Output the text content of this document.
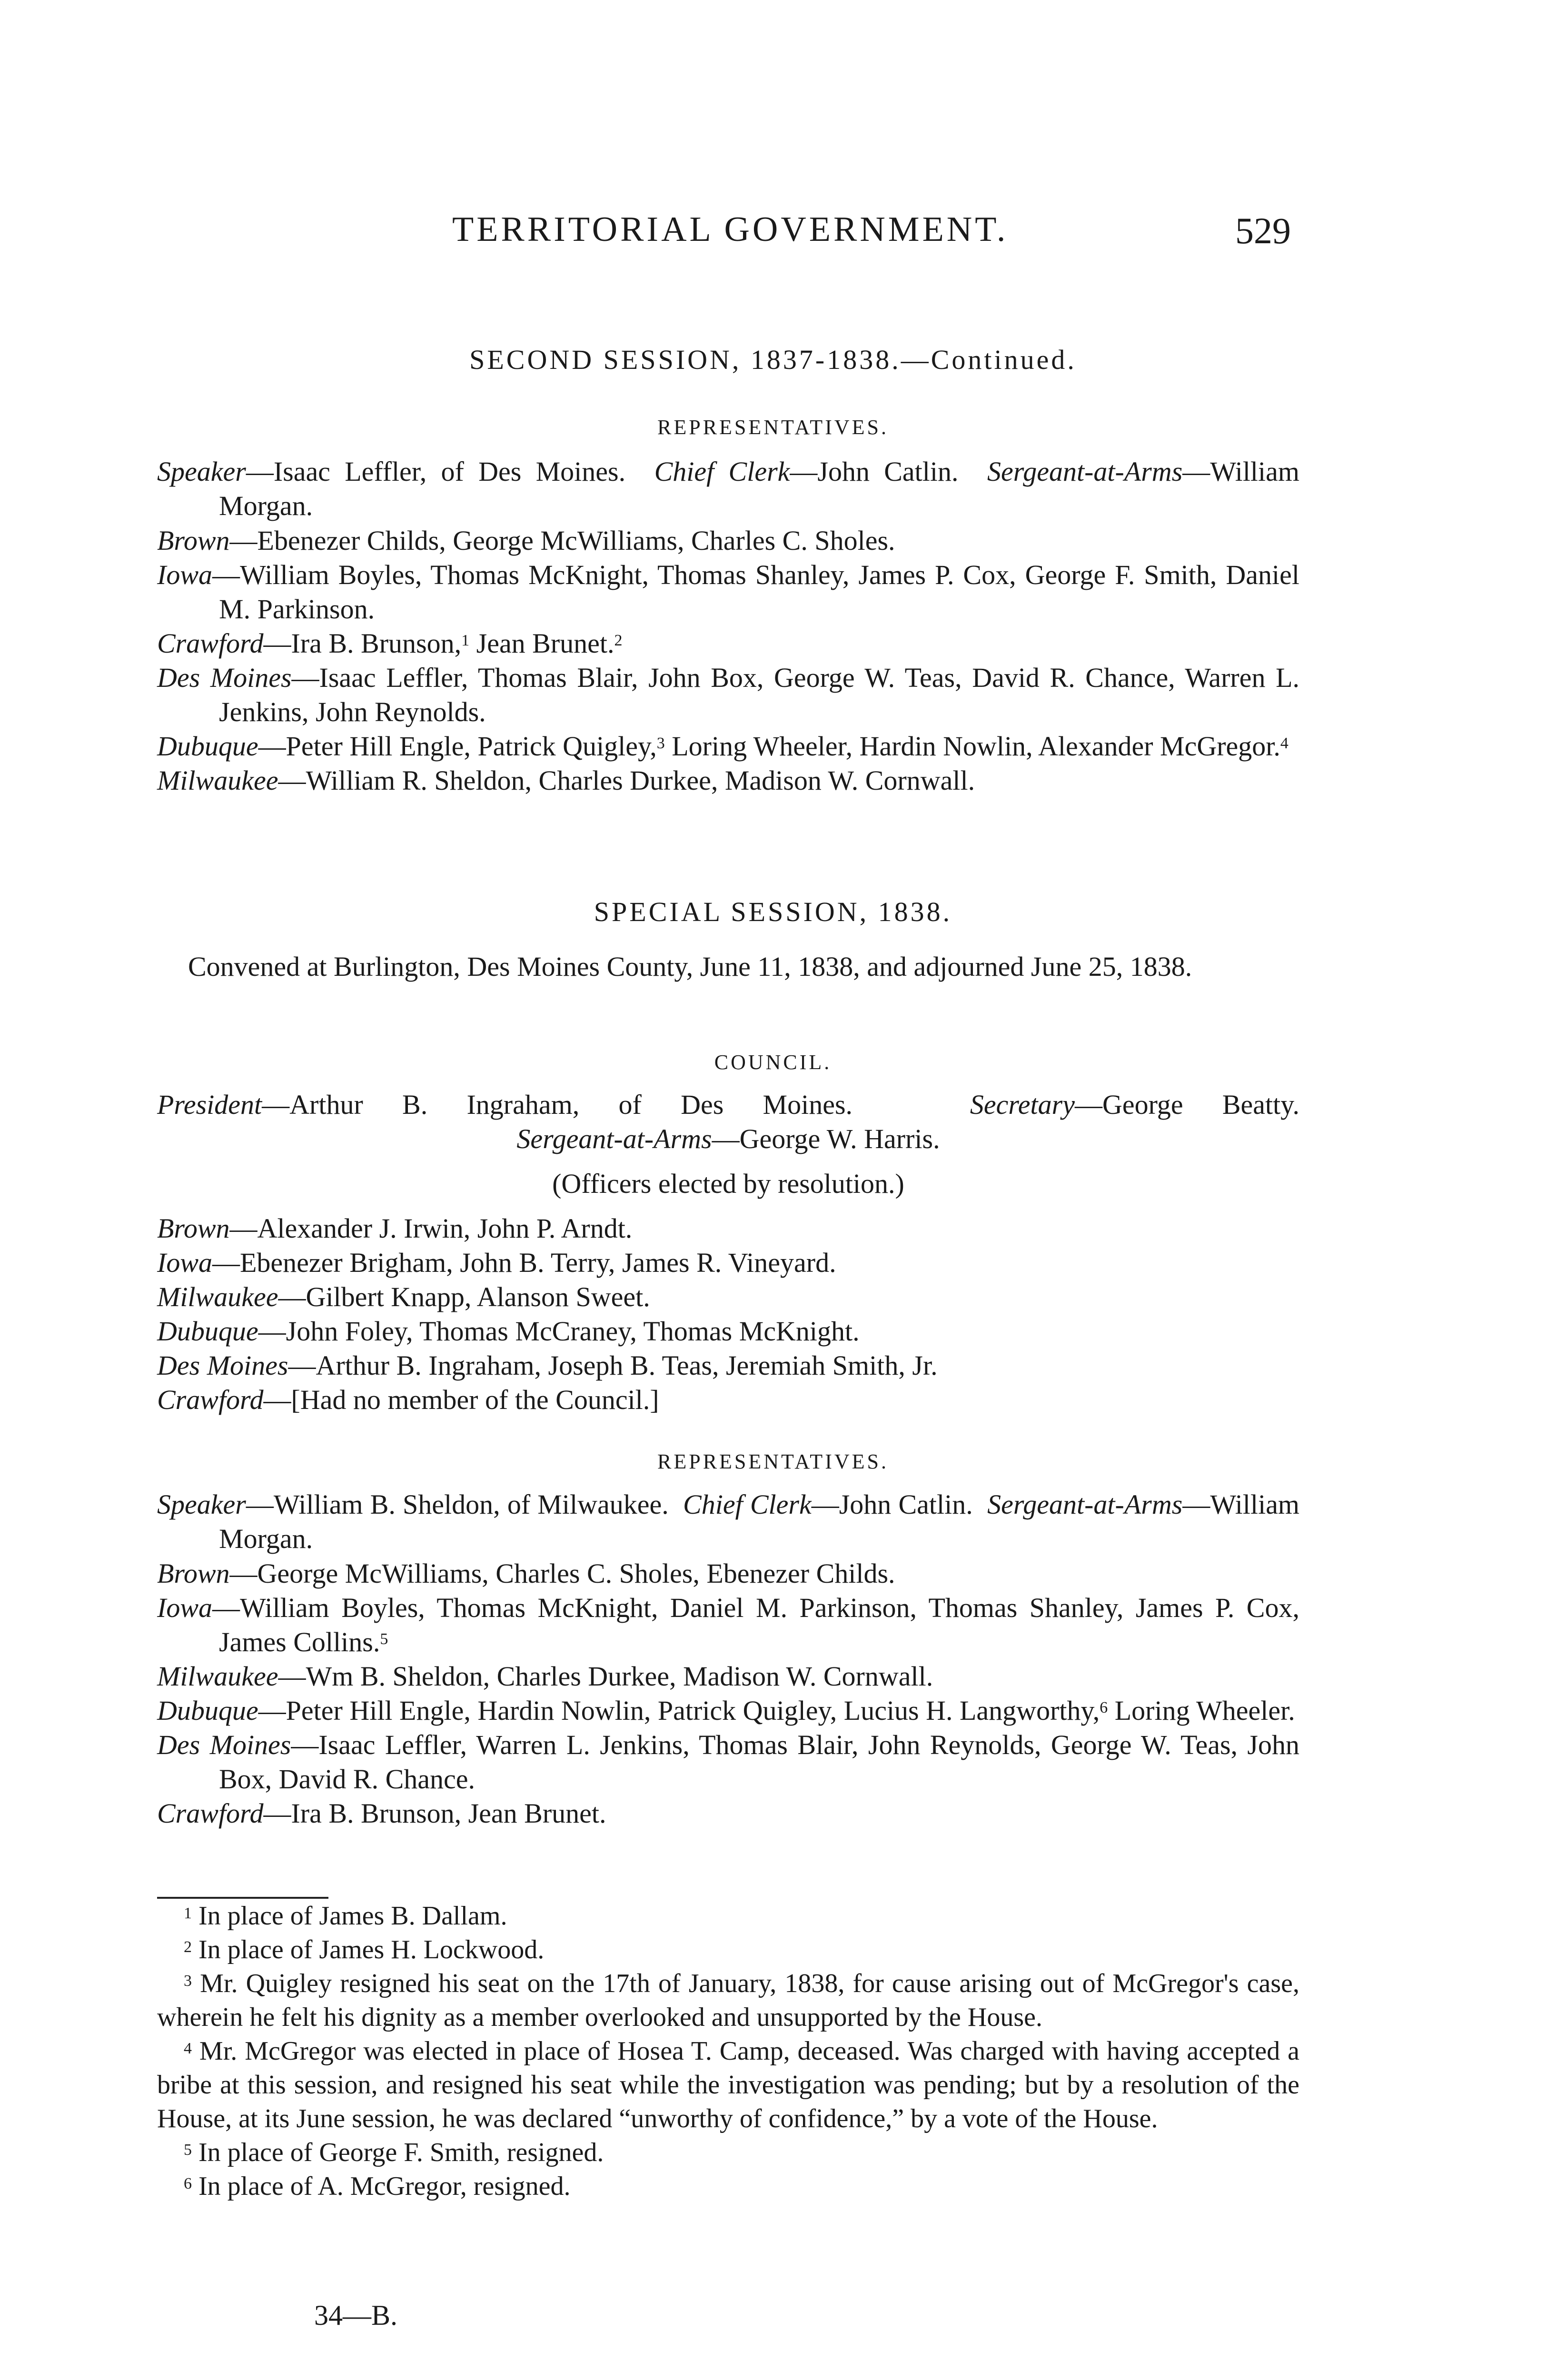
TERRITORIAL GOVERNMENT.	529
SECOND SESSION, 1837-1838.—Continued.
REPRESENTATIVES.
Speaker—Isaac Leffler, of Des Moines. Chief Clerk—John Catlin. Sergeant-at-Arms—William Morgan.
Brown—Ebenezer Childs, George McWilliams, Charles C. Sholes.
Iowa—William Boyles, Thomas McKnight, Thomas Shanley, James P. Cox, George F. Smith, Daniel M. Parkinson.
Crawford—Ira B. Brunson,$^1$ Jean Brunet.$^2$
Des Moines—Isaac Leffler, Thomas Blair, John Box, George W. Teas, David R. Chance, Warren L. Jenkins, John Reynolds.
Dubuque—Peter Hill Engle, Patrick Quigley,$^3$ Loring Wheeler, Hardin Nowlin, Alexander McGregor.$^4$
Milwaukee—William R. Sheldon, Charles Durkee, Madison W. Cornwall.
SPECIAL SESSION, 1838.
Convened at Burlington, Des Moines County, June 11, 1838, and adjourned June 25, 1838.
COUNCIL.
President—Arthur B. Ingraham, of Des Moines.	Secretary—George Beatty.
Sergeant-at-Arms—George W. Harris.
(Officers elected by resolution.)
Brown—Alexander J. Irwin, John P. Arndt.
Iowa—Ebenezer Brigham, John B. Terry, James R. Vineyard.
Milwaukee—Gilbert Knapp, Alanson Sweet.
Dubuque—John Foley, Thomas McCraney, Thomas McKnight.
Des Moines—Arthur B. Ingraham, Joseph B. Teas, Jeremiah Smith, Jr.
Crawford—[Had no member of the Council.]
REPRESENTATIVES.
Speaker—William B. Sheldon, of Milwaukee. Chief Clerk—John Catlin. Sergeant-at-Arms—William Morgan.
Brown—George McWilliams, Charles C. Sholes, Ebenezer Childs.
Iowa—William Boyles, Thomas McKnight, Daniel M. Parkinson, Thomas Shanley, James P. Cox, James Collins.$^5$
Milwaukee—Wm B. Sheldon, Charles Durkee, Madison W. Cornwall.
Dubuque—Peter Hill Engle, Hardin Nowlin, Patrick Quigley, Lucius H. Langworthy,$^6$ Loring Wheeler.
Des Moines—Isaac Leffler, Warren L. Jenkins, Thomas Blair, John Reynolds, George W. Teas, John Box, David R. Chance.
Crawford—Ira B. Brunson, Jean Brunet.
$^1$ In place of James B. Dallam.
$^2$ In place of James H. Lockwood.
$^3$ Mr. Quigley resigned his seat on the 17th of January, 1838, for cause arising out of McGregor's case, wherein he felt his dignity as a member overlooked and unsupported by the House.
$^4$ Mr. McGregor was elected in place of Hosea T. Camp, deceased. Was charged with having accepted a bribe at this session, and resigned his seat while the investigation was pending; but by a resolution of the House, at its June session, he was declared “unworthy of confidence,” by a vote of the House.
$^5$ In place of George F. Smith, resigned.
$^6$ In place of A. McGregor, resigned.
34—B.
